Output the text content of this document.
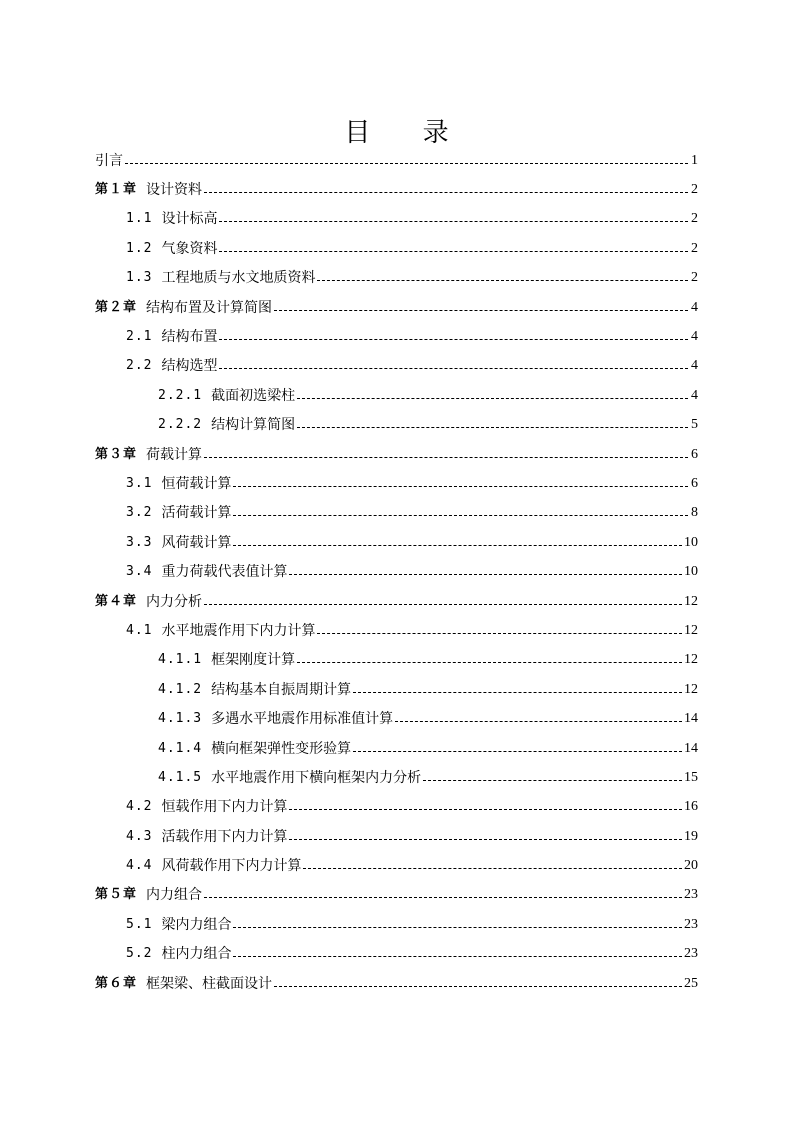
目 录
引言	1
第１章 设计资料	2
1.1 设计标高	2
1.2 气象资料	2
1.3 工程地质与水文地质资料	2
第２章 结构布置及计算简图	4
2.1 结构布置	4
2.2 结构选型	4
2.2.1 截面初选梁柱	4
2.2.2 结构计算简图	5
第３章 荷载计算	6
3.1 恒荷载计算	6
3.2 活荷载计算	8
3.3 风荷载计算	10
3.4 重力荷载代表值计算	10
第４章 内力分析	12
4.1 水平地震作用下内力计算	12
4.1.1 框架刚度计算	12
4.1.2 结构基本自振周期计算	12
4.1.3 多遇水平地震作用标准值计算	14
4.1.4 横向框架弹性变形验算	14
4.1.5 水平地震作用下横向框架内力分析	15
4.2 恒载作用下内力计算	16
4.3 活载作用下内力计算	19
4.4 风荷载作用下内力计算	20
第５章 内力组合	23
5.1 梁内力组合	23
5.2 柱内力组合	23
第６章 框架梁、柱截面设计	25
